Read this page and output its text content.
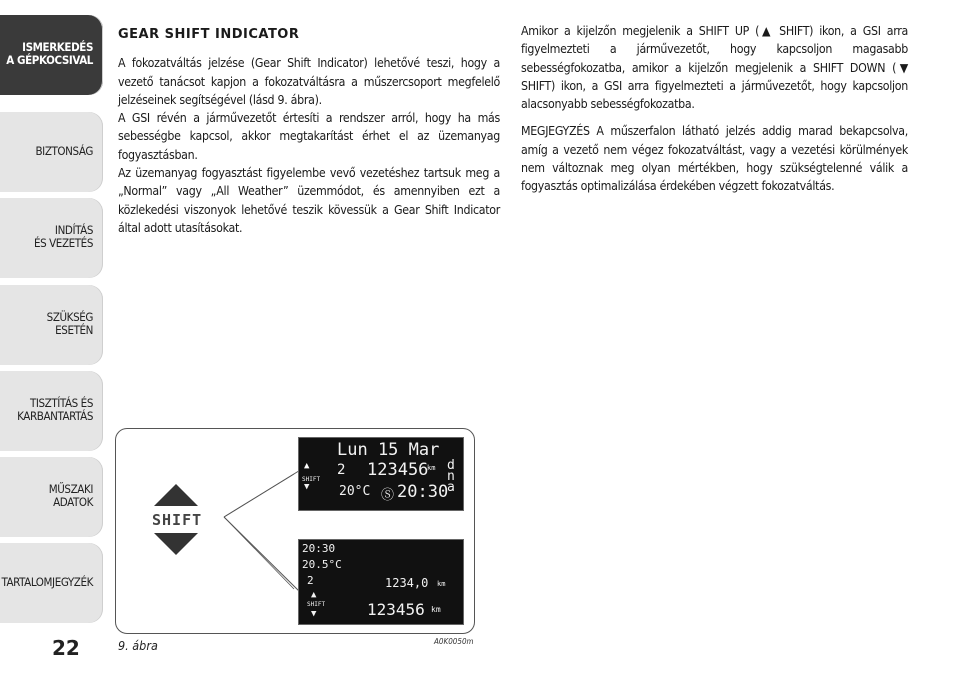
ISMERKEDÉS
A GÉPKOCSIVAL
BIZTONSÁG
INDÍTÁS
ÉS VEZETÉS
SZÜKSÉG
ESETÉN
TISZTÍTÁS ÉS
KARBANTARTÁS
MŰSZAKI
ADATOK
TARTALOMJEGYZÉK
22

GEAR SHIFT INDICATOR

A fokozatváltás jelzése (Gear Shift Indicator) lehetővé teszi, hogy a vezető tanácsot kapjon a fokozatváltásra a műszercsoport megfelelő jelzéseinek segítségével (lásd 9. ábra).

A GSI révén a járművezetőt értesíti a rendszer arról, hogy ha más sebességbe kapcsol, akkor megtakarítást érhet el az üzemanyag fogyasztásban.

Az üzemanyag fogyasztást figyelembe vevő vezetéshez tartsuk meg a „Normal” vagy „All Weather” üzemmódot, és amennyiben ezt a közlekedési viszonyok lehetővé teszik kövessük a Gear Shift Indicator által adott utasításokat.

Amikor a kijelzőn megjelenik a SHIFT UP (▲ SHIFT) ikon, a GSI arra figyelmezteti a járművezetőt, hogy kapcsoljon magasabb sebességfokozatba, amikor a kijelzőn megjelenik a SHIFT DOWN (▼ SHIFT) ikon, a GSI arra figyelmezteti a járművezetőt, hogy kapcsoljon alacsonyabb sebességfokozatba.

MEGJEGYZÉS A műszerfalon látható jelzés addig marad bekapcsolva, amíg a vezető nem végez fokozatváltást, vagy a vezetési körülmények nem változnak meg olyan mértékben, hogy szükségtelenné válik a fogyasztás optimalizálása érdekében végzett fokozatváltás.

SHIFT
Lun 15 Mar
▲
SHIFT
▼
2 123456
km d
n
a
20°C Ⓢ 20:30
20:30
20.5°C
2
▲
SHIFT
▼
1234,0 km
123456 km
9. ábra	A0K0050m
